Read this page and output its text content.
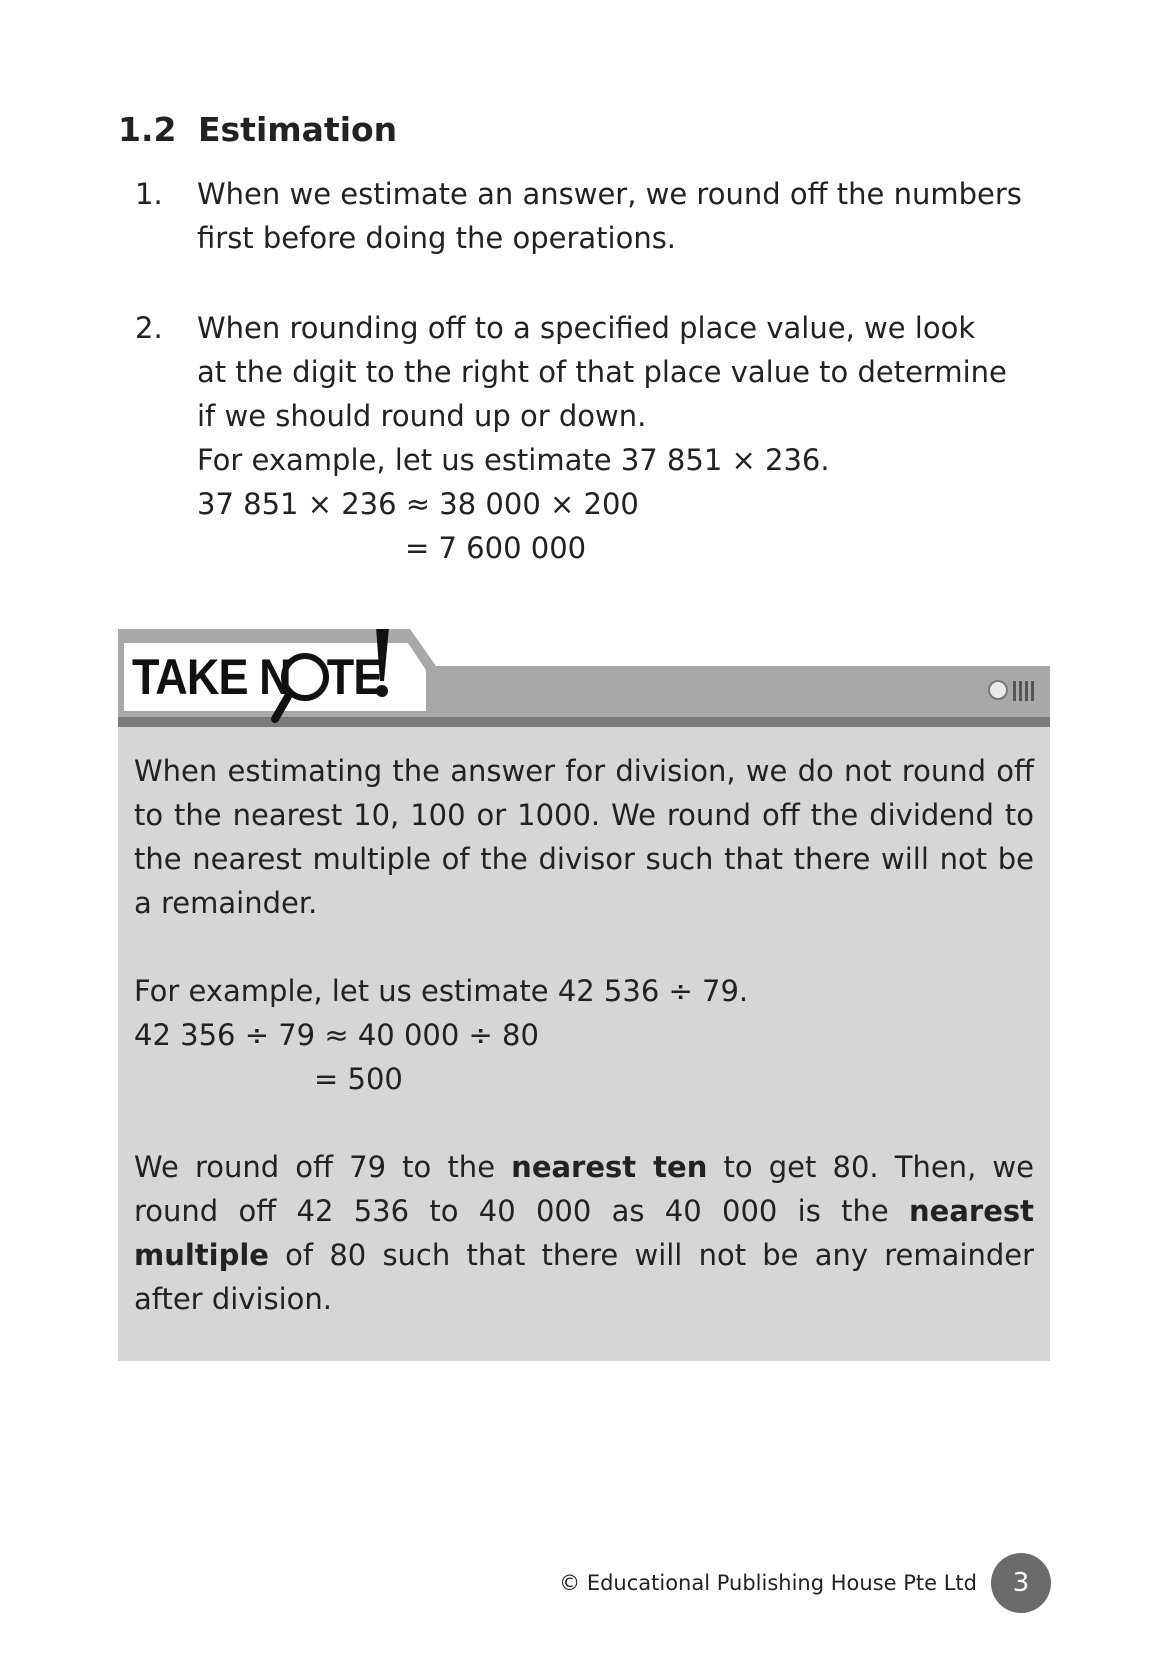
1.2 Estimation
1. When we estimate an answer, we round off the numbers
first before doing the operations.
2. When rounding off to a specified place value, we look
at the digit to the right of that place value to determine
if we should round up or down.
For example, let us estimate 37 851 × 236.
37 851 × 236 ≈ 38 000 × 200
= 7 600 000
TAKE N TE

When estimating the answer for division, we do not round off to the nearest 10, 100 or 1000. We round off the dividend to the nearest multiple of the divisor such that there will not be a remainder.

For example, let us estimate 42 536 ÷ 79.
42 356 ÷ 79 ≈ 40 000 ÷ 80
= 500

We round off 79 to the nearest ten to get 80. Then, we round off 42 536 to 40 000 as 40 000 is the nearest multiple of 80 such that there will not be any remainder after division.

© Educational Publishing House Pte Ltd	3
